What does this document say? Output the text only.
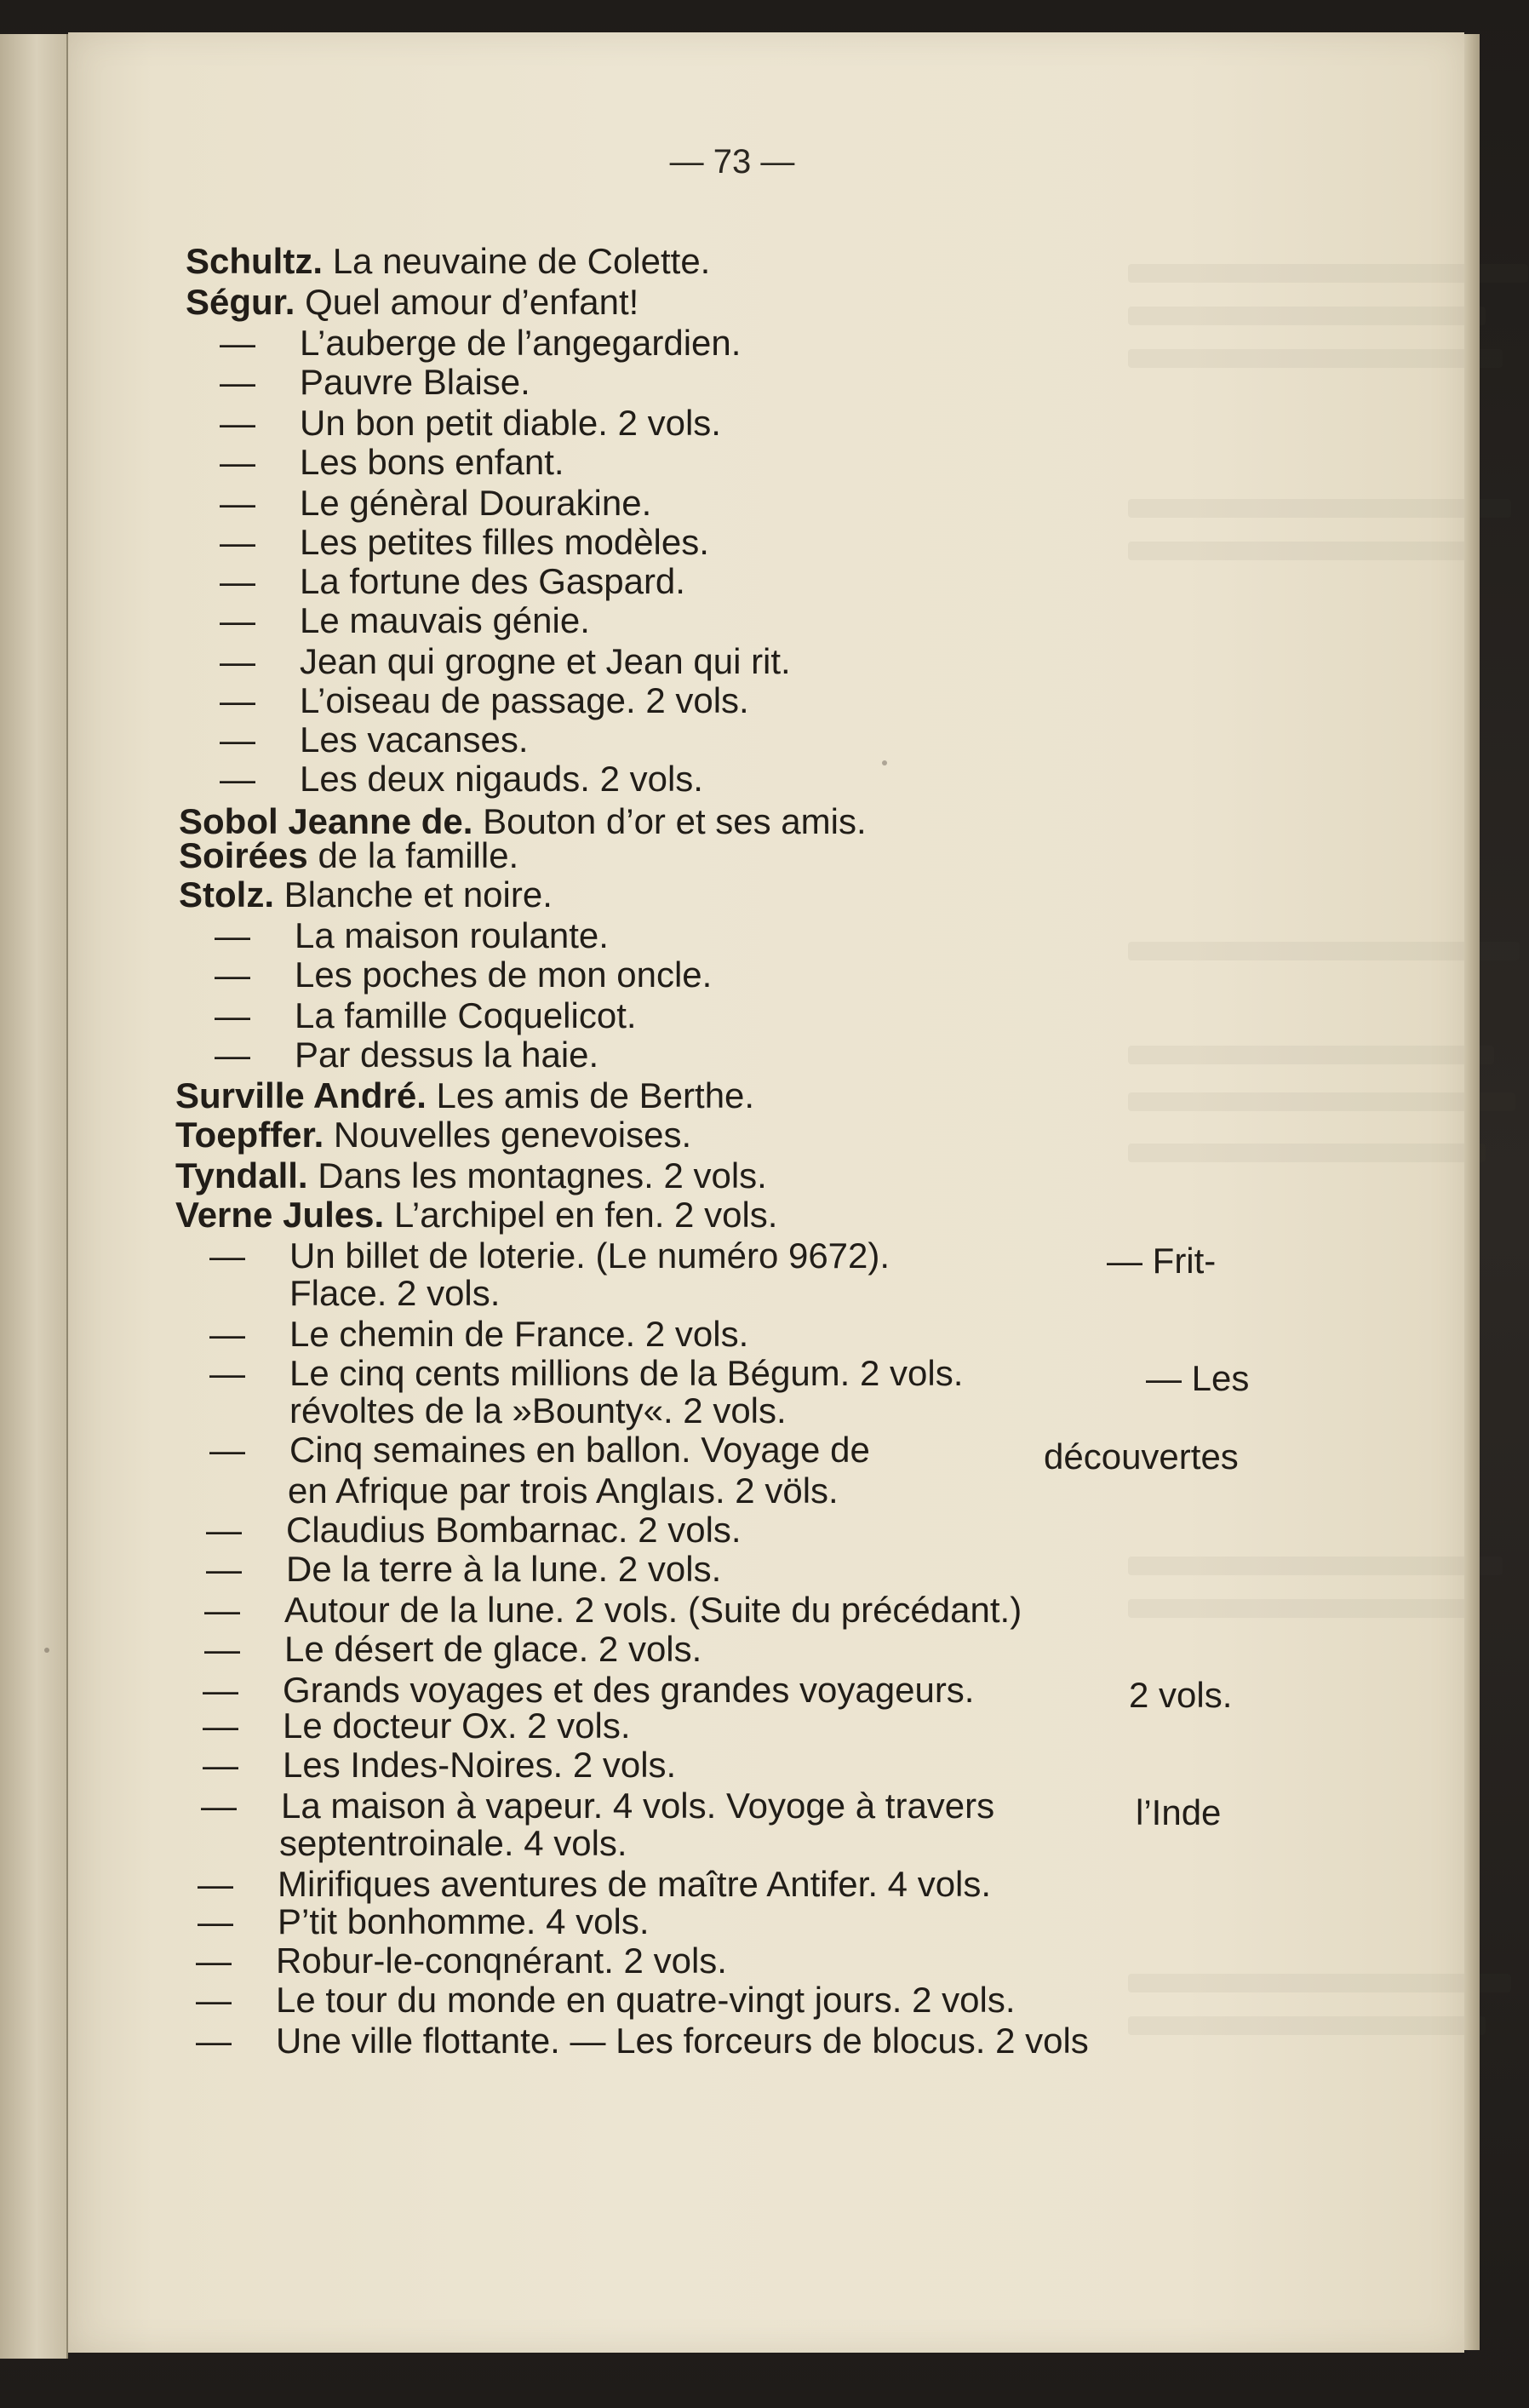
— 73 —
Schultz. La neuvaine de Colette.
Ségur. Quel amour d’enfant!
— L’auberge de l’angegardien.
— Pauvre Blaise.
— Un bon petit diable. 2 vols.
— Les bons enfant.
— Le génèral Dourakine.
— Les petites filles modèles.
— La fortune des Gaspard.
— Le mauvais génie.
— Jean qui grogne et Jean qui rit.
— L’oiseau de passage. 2 vols.
— Les vacanses.
— Les deux nigauds. 2 vols.
Sobol Jeanne de. Bouton d’or et ses amis.
Soirées de la famille.
Stolz. Blanche et noire.
— La maison roulante.
— Les poches de mon oncle.
— La famille Coquelicot.
— Par dessus la haie.
Surville André. Les amis de Berthe.
Toepffer. Nouvelles genevoises.
Tyndall. Dans les montagnes. 2 vols.
Verne Jules. L’archipel en fen. 2 vols.
— Un billet de loterie. (Le numéro 9672).	— Frit-
Flace. 2 vols.
— Le chemin de France. 2 vols.
— Le cinq cents millions de la Bégum. 2 vols.	— Les
révoltes de la »Bounty«. 2 vols.
— Cinq semaines en ballon. Voyage de	découvertes
en Afrique par trois Anglaıs. 2 völs.
— Claudius Bombarnac. 2 vols.
— De la terre à la lune. 2 vols.
— Autour de la lune. 2 vols. (Suite du précédant.)
— Le désert de glace. 2 vols.
— Grands voyages et des grandes voyageurs.	2 vols.
— Le docteur Ox. 2 vols.
— Les Indes-Noires. 2 vols.
— La maison à vapeur. 4 vols. Voyoge à travers	l’Inde
septentroinale. 4 vols.
— Mirifiques aventures de maître Antifer. 4 vols.
— P’tit bonhomme. 4 vols.
— Robur-le-conqnérant. 2 vols.
— Le tour du monde en quatre-vingt jours. 2 vols.
— Une ville flottante. — Les forceurs de blocus. 2 vols
